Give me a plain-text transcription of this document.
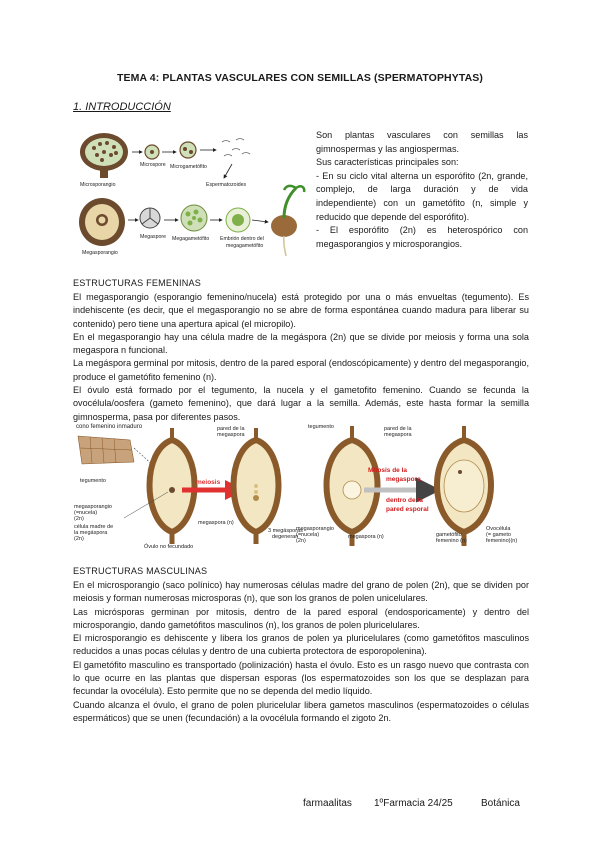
TEMA 4: PLANTAS VASCULARES CON SEMILLAS (SPERMATOPHYTAS)
1. INTRODUCCIÓN
Microsporangio
Microspore Microgametófito
Espermatozoides
Megasporangio
Megaspore Megagametófito Embrión dentro del
megagametófito

Son plantas vasculares con semillas las gimnospermas y las angiospermas.

Sus características principales son:

- En su ciclo vital alterna un esporófito (2n, grande, complejo, de larga duración y de vida independiente) con un gametófito (n, simple y reducido que depende del esporófito).

- El esporófito (2n) es heterospórico con megasporangios y microsporangios.

ESTRUCTURAS FEMENINAS

El megasporangio (esporangio femenino/nucela) está protegido por una o más envueltas (tegumento). Es indehiscente (es decir, que el megasporangio no se abre de forma espontánea cuando madura para liberar su contenido) pero tiene una apertura apical (el micropilo).

En el megasporangio hay una célula madre de la megáspora (2n) que se divide por meiosis y forma una sola megaspora n funcional.

La megáspora germinal por mitosis, dentro de la pared esporal (endoscópicamente) y dentro del megasporangio, produce el gametófito femenino (n).

El óvulo está formado por el tegumento, la nucela y el gametofito femenino. Cuando se fecunda la ovocélula/oosfera (gameto femenino), que dará lugar a la semilla. Además, este hasta formar la semilla gimnosperma, pasa por diferentes pasos.

cono femenino inmaduro
tegumento
megasporangio
(=nucela)
(2n)
célula madre de
la megáspora
(2n)
Óvulo no fecundado
meiosis
pared de la
megaspora
megaspora (n)
3 megásporas
degeneran
tegumento	pared de la
megaspora
Mitosis de la
megaspora
dentro de la
pared esporal
megasporangio
(=nucela)
(2n)
megaspora (n)	gametófito
femenino (n)
Ovocélula
(= gameto
femenino)(n)
ESTRUCTURAS MASCULINAS

En el microsporangio (saco polínico) hay numerosas células madre del grano de polen (2n), que se dividen por meiosis y forman numerosas microsporas (n), que son los granos de polen unicelulares.

Las micrósporas germinan por mitosis, dentro de la pared esporal (endosporicamente) y dentro del microsporangio, dando gametófitos masculinos (n), los granos de polen pluricelulares.

El microsporangio es dehiscente y libera los granos de polen ya pluricelulares (como gametófitos masculinos reducidos a unas pocas células y dentro de una cubierta protectora de esporopolenina).

El gametófito masculino es transportado (polinización) hasta el óvulo. Esto es un rasgo nuevo que contrasta con lo que ocurre en las plantas que dispersan esporas (los espermatozoides son los que se desplazan para fecundar la ovocélula). Esto permite que no se dependa del medio líquido.

Cuando alcanza el óvulo, el grano de polen pluricelular libera gametos masculinos (espermatozoides o células espermáticos) que se unen (fecundación) a la ovocélula formando el zigoto 2n.

farmaalitas 1ºFarmacia 24/25	Botánica
